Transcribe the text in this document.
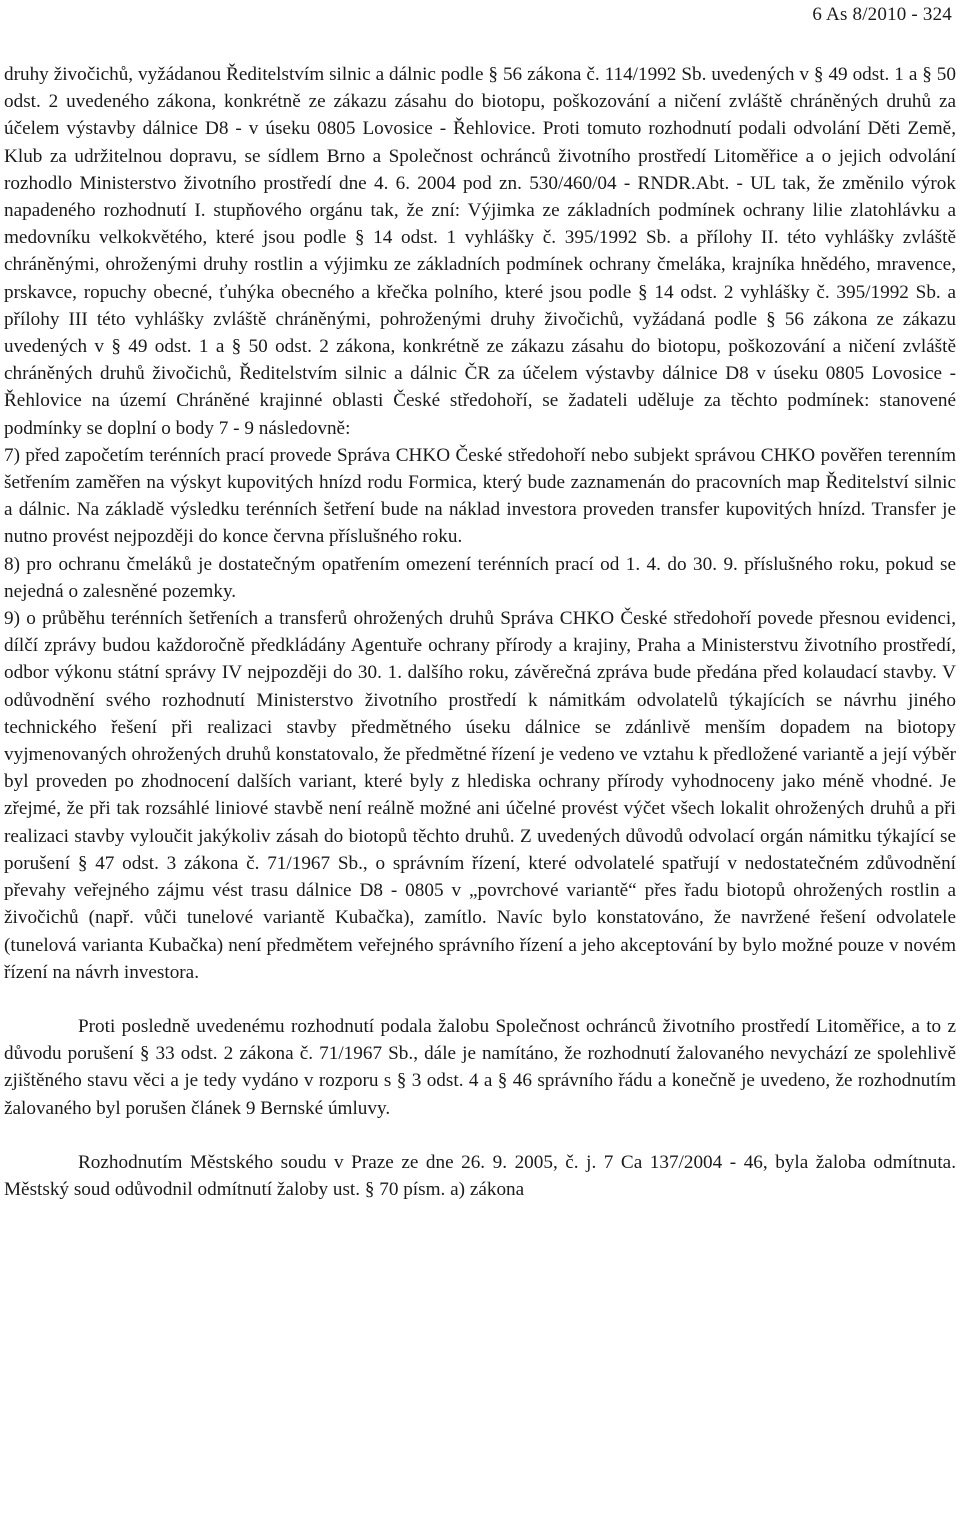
6 As 8/2010 - 324

druhy živočichů, vyžádanou Ředitelstvím silnic a dálnic podle § 56 zákona č. 114/1992 Sb. uvedených v § 49 odst. 1 a § 50 odst. 2 uvedeného zákona, konkrétně ze zákazu zásahu do biotopu, poškozování a ničení zvláště chráněných druhů za účelem výstavby dálnice D8 - v úseku 0805 Lovosice - Řehlovice. Proti tomuto rozhodnutí podali odvolání Děti Země, Klub za udržitelnou dopravu, se sídlem Brno a Společnost ochránců životního prostředí Litoměřice a o jejich odvolání rozhodlo Ministerstvo životního prostředí dne 4. 6. 2004 pod zn. 530/460/04 - RNDR.Abt. - UL tak, že změnilo výrok napadeného rozhodnutí I. stupňového orgánu tak, že zní: Výjimka ze základních podmínek ochrany lilie zlatohlávku a medovníku velkokvětého, které jsou podle § 14 odst. 1 vyhlášky č. 395/1992 Sb. a přílohy II. této vyhlášky zvláště chráněnými, ohroženými druhy rostlin a výjimku ze základních podmínek ochrany čmeláka, krajníka hnědého, mravence, prskavce, ropuchy obecné, ťuhýka obecného a křečka polního, které jsou podle § 14 odst. 2 vyhlášky č. 395/1992 Sb. a přílohy III této vyhlášky zvláště chráněnými, pohroženými druhy živočichů, vyžádaná podle § 56 zákona ze zákazu uvedených v § 49 odst. 1 a § 50 odst. 2 zákona, konkrétně ze zákazu zásahu do biotopu, poškozování a ničení zvláště chráněných druhů živočichů, Ředitelstvím silnic a dálnic ČR za účelem výstavby dálnice D8 v úseku 0805 Lovosice - Řehlovice na území Chráněné krajinné oblasti České středohoří, se žadateli uděluje za těchto podmínek: stanovené podmínky se doplní o body 7 - 9 následovně:

7) před započetím terénních prací provede Správa CHKO České středohoří nebo subjekt správou CHKO pověřen terenním šetřením zaměřen na výskyt kupovitých hnízd rodu Formica, který bude zaznamenán do pracovních map Ředitelství silnic a dálnic. Na základě výsledku terénních šetření bude na náklad investora proveden transfer kupovitých hnízd. Transfer je nutno provést nejpozději do konce června příslušného roku.

8) pro ochranu čmeláků je dostatečným opatřením omezení terénních prací od 1. 4. do 30. 9. příslušného roku, pokud se nejedná o zalesněné pozemky.

9) o průběhu terénních šetřeních a transferů ohrožených druhů Správa CHKO České středohoří povede přesnou evidenci, dílčí zprávy budou každoročně předkládány Agentuře ochrany přírody a krajiny, Praha a Ministerstvu životního prostředí, odbor výkonu státní správy IV nejpozději do 30. 1. dalšího roku, závěrečná zpráva bude předána před kolaudací stavby. V odůvodnění svého rozhodnutí Ministerstvo životního prostředí k námitkám odvolatelů týkajících se návrhu jiného technického řešení při realizaci stavby předmětného úseku dálnice se zdánlivě menším dopadem na biotopy vyjmenovaných ohrožených druhů konstatovalo, že předmětné řízení je vedeno ve vztahu k předložené variantě a její výběr byl proveden po zhodnocení dalších variant, které byly z hlediska ochrany přírody vyhodnoceny jako méně vhodné. Je zřejmé, že při tak rozsáhlé liniové stavbě není reálně možné ani účelné provést výčet všech lokalit ohrožených druhů a při realizaci stavby vyloučit jakýkoliv zásah do biotopů těchto druhů. Z uvedených důvodů odvolací orgán námitku týkající se porušení § 47 odst. 3 zákona č. 71/1967 Sb., o správním řízení, které odvolatelé spatřují v nedostatečném zdůvodnění převahy veřejného zájmu vést trasu dálnice D8 - 0805 v „povrchové variantě“ přes řadu biotopů ohrožených rostlin a živočichů (např. vůči tunelové variantě Kubačka), zamítlo. Navíc bylo konstatováno, že navržené řešení odvolatele (tunelová varianta Kubačka) není předmětem veřejného správního řízení a jeho akceptování by bylo možné pouze v novém řízení na návrh investora.

Proti posledně uvedenému rozhodnutí podala žalobu Společnost ochránců životního prostředí Litoměřice, a to z důvodu porušení § 33 odst. 2 zákona č. 71/1967 Sb., dále je namítáno, že rozhodnutí žalovaného nevychází ze spolehlivě zjištěného stavu věci a je tedy vydáno v rozporu s § 3 odst. 4 a § 46 správního řádu a konečně je uvedeno, že rozhodnutím žalovaného byl porušen článek 9 Bernské úmluvy.

Rozhodnutím Městského soudu v Praze ze dne 26. 9. 2005, č. j. 7 Ca 137/2004 - 46, byla žaloba odmítnuta. Městský soud odůvodnil odmítnutí žaloby ust. § 70 písm. a) zákona
